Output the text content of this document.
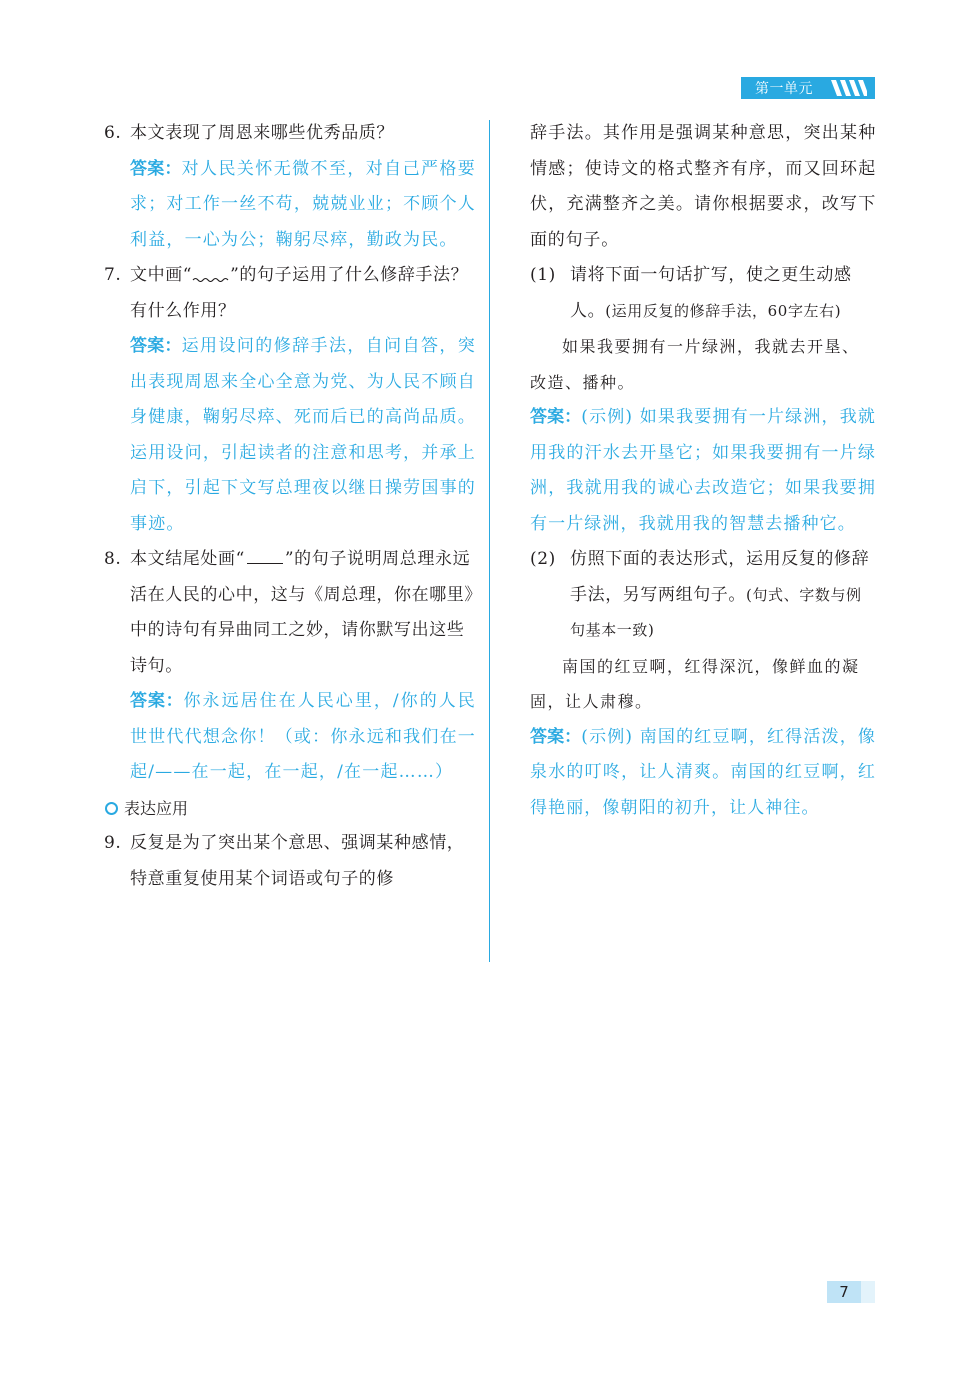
第一单元
6. 本文表现了周恩来哪些优秀品质？
答案：对人民关怀无微不至，对自己严格要求；对工作一丝不苟，兢兢业业；不顾个人利益，一心为公；鞠躬尽瘁，勤政为民。
7. 文中画“ ”的句子运用了什么修辞手法？有什么作用？
答案：运用设问的修辞手法，自问自答，突出表现周恩来全心全意为党、为人民不顾自身健康，鞠躬尽瘁、死而后已的高尚品质。运用设问，引起读者的注意和思考，并承上启下，引起下文写总理夜以继日操劳国事的事迹。
8. 本文结尾处画“ ”的句子说明周总理永远活在人民的心中，这与《周总理，你在哪里》中的诗句有异曲同工之妙，请你默写出这些诗句。
答案：你永远居住在人民心里，/你的人民世世代代想念你！（或：你永远和我们在一起/——在一起，在一起，/在一起……）
表达应用
9. 反复是为了突出某个意思、强调某种感情，特意重复使用某个词语或句子的修
辞手法。其作用是强调某种意思，突出某种情感；使诗文的格式整齐有序，而又回环起伏，充满整齐之美。请你根据要求，改写下面的句子。
(1) 请将下面一句话扩写，使之更生动感人。(运用反复的修辞手法，60字左右)
如果我要拥有一片绿洲，我就去开垦、改造、播种。
答案：(示例) 如果我要拥有一片绿洲，我就用我的汗水去开垦它；如果我要拥有一片绿洲，我就用我的诚心去改造它；如果我要拥有一片绿洲，我就用我的智慧去播种它。
(2) 仿照下面的表达形式，运用反复的修辞手法，另写两组句子。(句式、字数与例句基本一致)
南国的红豆啊，红得深沉，像鲜血的凝固，让人肃穆。
答案：(示例) 南国的红豆啊，红得活泼，像泉水的叮咚，让人清爽。南国的红豆啊，红得艳丽，像朝阳的初升，让人神往。
7
